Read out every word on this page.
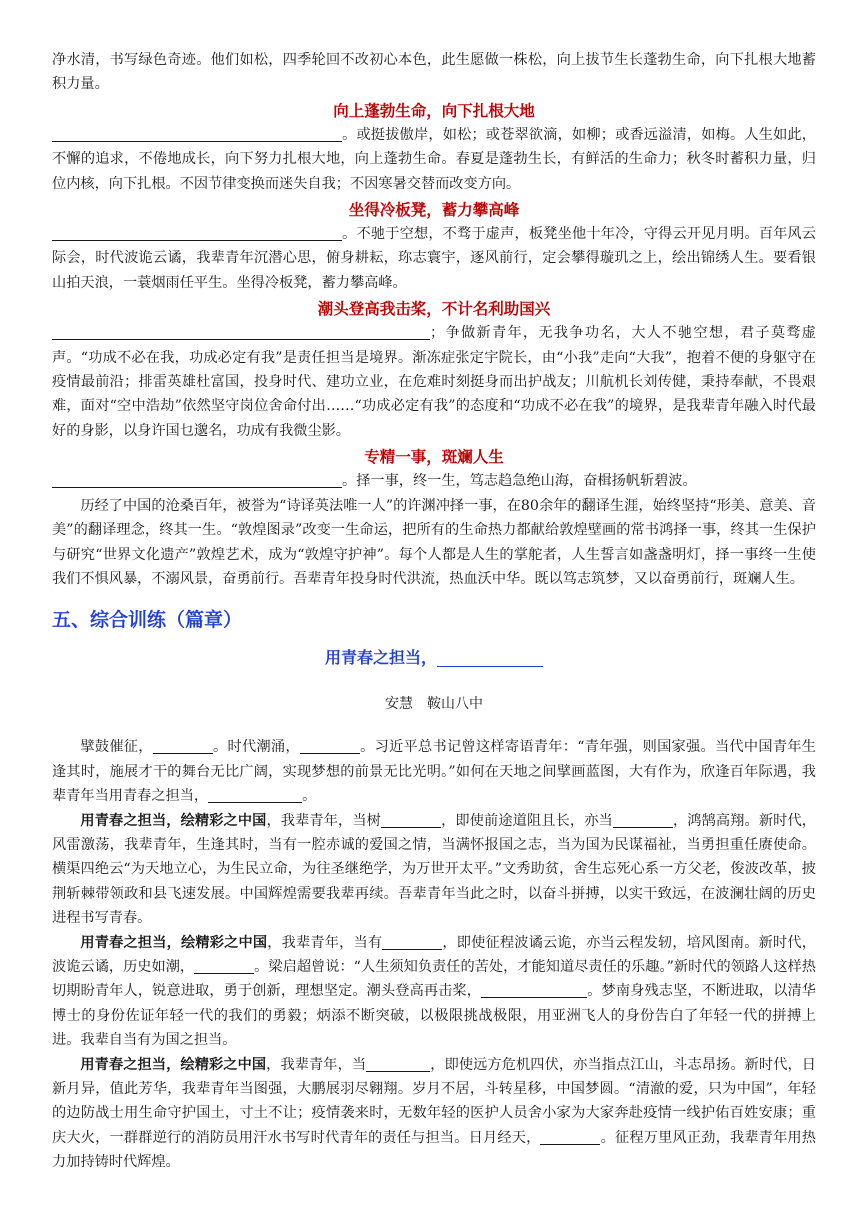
净水清，书写绿色奇迹。他们如松，四季轮回不改初心本色，此生愿做一株松，向上拔节生长蓬勃生命，向下扎根大地蓄积力量。

向上蓬勃生命，向下扎根大地

。或挺拔傲岸，如松；或苍翠欲滴，如柳；或香远溢清，如梅。人生如此，不懈的追求，不倦地成长，向下努力扎根大地，向上蓬勃生命。春夏是蓬勃生长，有鲜活的生命力；秋冬时蓄积力量，归位内核，向下扎根。不因节律变换而迷失自我；不因寒暑交替而改变方向。

坐得冷板凳，蓄力攀高峰

。不驰于空想，不骛于虚声，板凳坐他十年冷，守得云开见月明。百年风云际会，时代波诡云谲，我辈青年沉潜心思，俯身耕耘，珎志寰宇，逐风前行，定会攀得璇玑之上，绘出锦绣人生。要看银山拍天浪，一蓑烟雨任平生。坐得冷板凳，蓄力攀高峰。

潮头登高我击桨，不计名利助国兴

；争做新青年，无我争功名，大人不驰空想，君子莫骛虚声。“功成不必在我，功成必定有我”是责任担当是境界。渐冻症张定宇院长，由“小我”走向“大我”，抱着不便的身躯守在疫情最前沿；排雷英雄杜富国，投身时代、建功立业，在危难时刻挺身而出护战友；川航机长刘传健，秉持奉献，不畏艰难，面对“空中浩劫”依然坚守岗位舍命付出……“功成必定有我”的态度和“功成不必在我”的境界，是我辈青年融入时代最好的身影，以身许国乜邈名，功成有我微尘影。

专精一事，斑斓人生

。择一事，终一生，笃志趋急绝山海，奋楫扬帆斩碧波。

历经了中国的沧桑百年，被誉为“诗译英法唯一人”的许渊冲择一事，在80余年的翻译生涯，始终坚持“形美、意美、音美”的翻译理念，终其一生。“敦煌图录”改变一生命运，把所有的生命热力都献给敦煌壁画的常书鸿择一事，终其一生保护与研究“世界文化遗产”敦煌艺术，成为“敦煌守护神”。每个人都是人生的掌舵者，人生誓言如盏盏明灯，择一事终一生使我们不惧风暴，不溺风景，奋勇前行。吾辈青年投身时代洪流，热血沃中华。既以笃志筑梦，又以奋勇前行，斑斓人生。

五、综合训练（篇章）
用青春之担当，
安慧　鞍山八中

擘鼓催征，	。时代潮涌，	。习近平总书记曾这样寄语青年：“青年强，则国家强。当代中国青年生逢其时，施展才干的舞台无比广阔，实现梦想的前景无比光明。”如何在天地之间擘画蓝图，大有作为，欣逢百年际遇，我辈青年当用青春之担当，	。

用青春之担当，绘精彩之中国，我辈青年，当树	，即使前途道阻且长，亦当	，鸿鹄高翔。新时代，风雷激荡，我辈青年，生逢其时，当有一腔赤诚的爱国之情，当满怀报国之志，当为国为民谋福祉，当勇担重任赓使命。横渠四绝云“为天地立心，为生民立命，为往圣继绝学，为万世开太平。”文秀助贫，舍生忘死心系一方父老，俊波改革，披荆斩棘带领政和县飞速发展。中国辉煌需要我辈再续。吾辈青年当此之时，以奋斗拼搏，以实干致远，在波澜壮阔的历史进程书写青春。

用青春之担当，绘精彩之中国，我辈青年，当有	，即使征程波谲云诡，亦当云程发轫，培风图南。新时代，波诡云谲，历史如潮，	。梁启超曾说：“人生须知负责任的苦处，才能知道尽责任的乐趣。”新时代的领路人这样热切期盼青年人，锐意进取，勇于创新，理想坚定。潮头登高再击桨，	。梦南身残志坚，不断进取，以清华博士的身份佐证年轻一代的我们的勇毅；炳添不断突破，以极限挑战极限，用亚洲飞人的身份告白了年轻一代的拼搏上进。我辈自当有为国之担当。

用青春之担当，绘精彩之中国，我辈青年，当	，即使远方危机四伏，亦当指点江山，斗志昂扬。新时代，日新月异，值此芳华，我辈青年当图强，大鹏展羽尽翱翔。岁月不居，斗转星移，中国梦圆。“清澈的爱，只为中国”，年轻的边防战士用生命守护国土，寸土不让；疫情袭来时，无数年轻的医护人员舍小家为大家奔赴疫情一线护佑百姓安康；重庆大火，一群群逆行的消防员用汗水书写时代青年的责任与担当。日月经天，	。征程万里风正劲，我辈青年用热力加持铸时代辉煌。
